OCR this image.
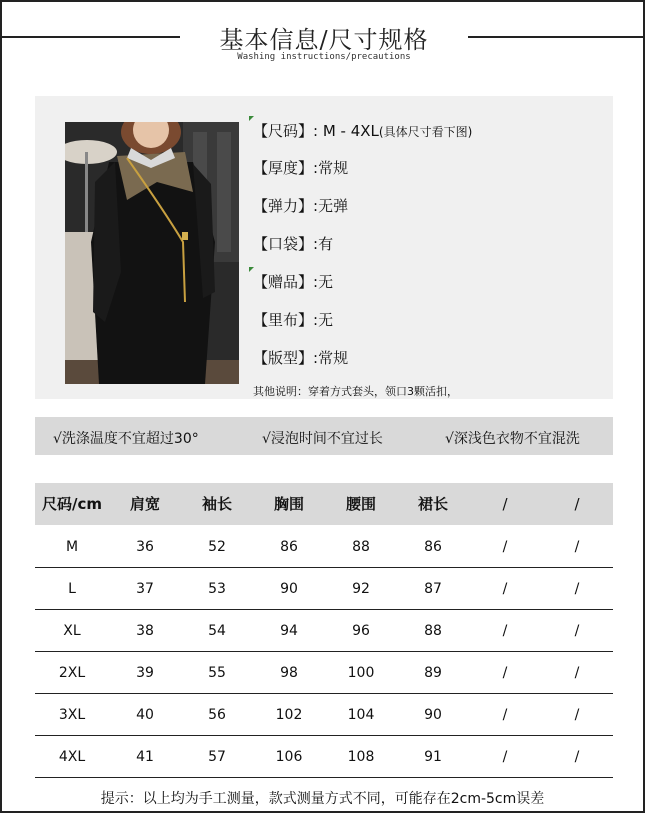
基本信息/尺寸规格
Washing instructions/precautions
【尺码】: M - 4XL(具体尺寸看下图)
【厚度】:常规
【弹力】:无弹
【口袋】:有
【赠品】:无
【里布】:无
【版型】:常规
其他说明：穿着方式套头，领口3颗活扣，
√洗涤温度不宜超过30°	√浸泡时间不宜过长	√深浅色衣物不宜混洗
尺码/cm	肩宽	袖长	胸围	腰围	裙长	/	/
M	36	52	86	88	86	/	/
L	37	53	90	92	87	/	/
XL	38	54	94	96	88	/	/
2XL	39	55	98	100	89	/	/
3XL	40	56	102	104	90	/	/
4XL	41	57	106	108	91	/	/
提示：以上均为手工测量，款式测量方式不同，可能存在2cm-5cm误差
